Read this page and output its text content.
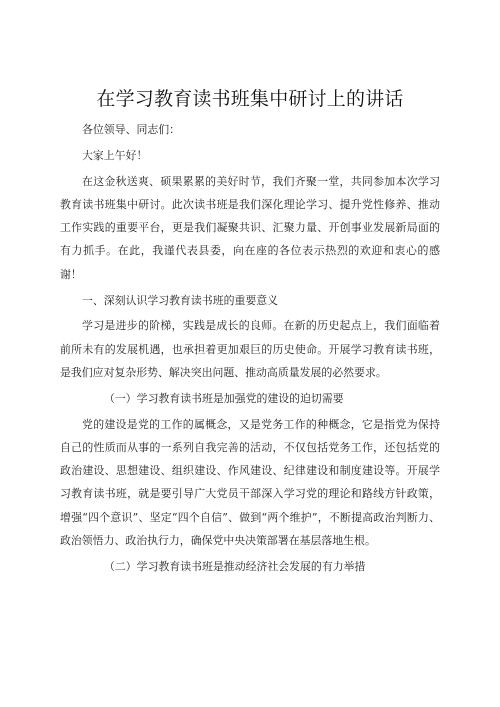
在学习教育读书班集中研讨上的讲话

各位领导、同志们：

大家上午好！

在这金秋送爽、硕果累累的美好时节，我们齐聚一堂，共同参加本次学习教育读书班集中研讨。此次读书班是我们深化理论学习、提升党性修养、推动工作实践的重要平台，更是我们凝聚共识、汇聚力量、开创事业发展新局面的有力抓手。在此，我谨代表县委，向在座的各位表示热烈的欢迎和衷心的感谢！

一、深刻认识学习教育读书班的重要意义

学习是进步的阶梯，实践是成长的良师。在新的历史起点上，我们面临着前所未有的发展机遇，也承担着更加艰巨的历史使命。开展学习教育读书班，是我们应对复杂形势、解决突出问题、推动高质量发展的必然要求。

（一）学习教育读书班是加强党的建设的迫切需要

党的建设是党的工作的属概念，又是党务工作的种概念，它是指党为保持自己的性质而从事的一系列自我完善的活动，不仅包括党务工作，还包括党的政治建设、思想建设、组织建设、作风建设、纪律建设和制度建设等。开展学习教育读书班，就是要引导广大党员干部深入学习党的理论和路线方针政策，增强“四个意识”、坚定“四个自信”、做到“两个维护”，不断提高政治判断力、政治领悟力、政治执行力，确保党中央决策部署在基层落地生根。

（二）学习教育读书班是推动经济社会发展的有力举措
